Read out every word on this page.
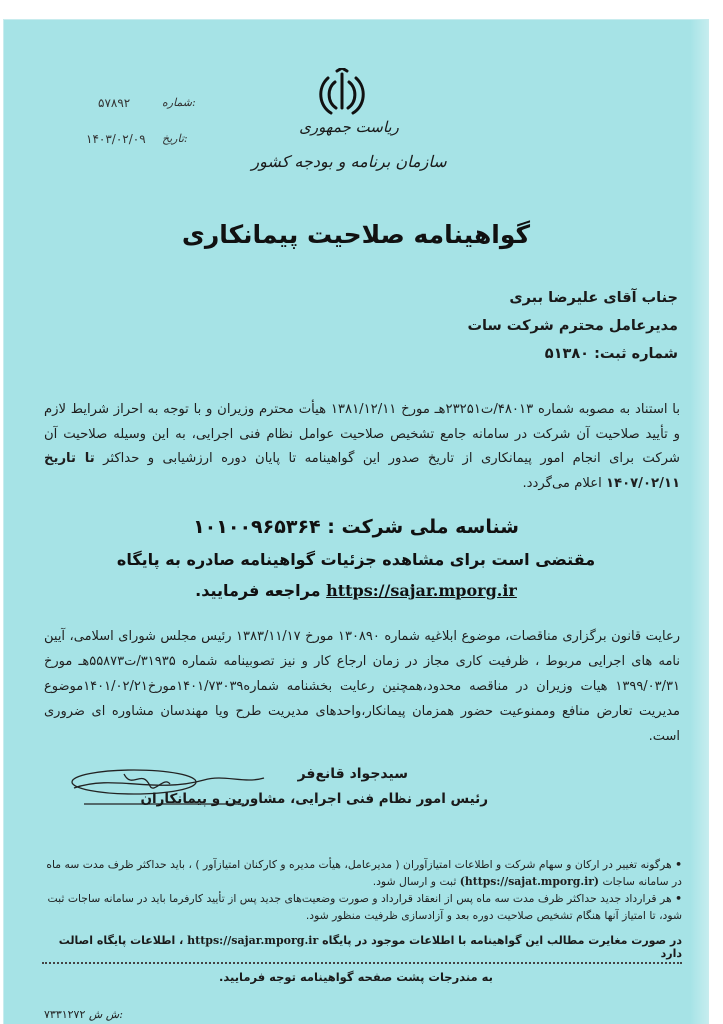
۵۷۸۹۲	شماره:
۱۴۰۳/۰۲/۰۹ تاریخ:
ریاست جمهوری
سازمان برنامه و بودجه کشور
گواهینامه صلاحیت پیمانکاری
جناب آقای علیرضا ببری
مدیرعامل محترم شرکت سات
شماره ثبت: ۵۱۳۸۰
با استناد به مصوبه شماره ۴۸۰۱۳/ت۲۳۲۵۱هـ مورخ ۱۳۸۱/۱۲/۱۱ هیأت محترم وزیران و با توجه به احراز شرایط لازم و تأیید صلاحیت آن شرکت در سامانه جامع تشخیص صلاحیت عوامل نظام فنی اجرایی، به این وسیله صلاحیت آن شرکت برای انجام امور پیمانکاری از تاریخ صدور این گواهینامه تا پایان دوره ارزشیابی و حداکثر تا تاریخ ۱۴۰۷/۰۲/۱۱ اعلام می‌گردد.
شناسه ملی شرکت : ۱۰۱۰۰۹۶۵۳۶۴
مقتضی است برای مشاهده جزئیات گواهینامه صادره به پایگاه
https://sajar.mporg.ir مراجعه فرمایید.
رعایت قانون برگزاری مناقصات، موضوع ابلاغیه شماره ۱۳۰۸۹۰ مورخ ۱۳۸۳/۱۱/۱۷ رئیس مجلس شورای اسلامی، آیین نامه های اجرایی مربوط ، ظرفیت کاری مجاز در زمان ارجاع کار و نیز تصوبینامه شماره ۳۱۹۳۵/ت۵۵۸۷۳هـ مورخ ۱۳۹۹/۰۳/۳۱ هیات وزیران در مناقصه محدود،همچنین رعایت بخشنامه شماره۱۴۰۱/۷۳۰۳۹مورخ۱۴۰۱/۰۲/۲۱موضوع مدیریت تعارض منافع وممنوعیت حضور همزمان پیمانکار،واحدهای مدیریت طرح ویا مهندسان مشاوره ای ضروری است.
سیدجواد قانع‌فر
رئیس امور نظام فنی اجرایی، مشاورین و پیمانکاران
• هرگونه تغییر در ارکان و سهام شرکت و اطلاعات امتیازآوران ( مدیرعامل، هیأت مدیره و کارکنان امتیازآور ) ، باید حداکثر ظرف مدت سه ماه در سامانه ساجات (https://sajat.mporg.ir) ثبت و ارسال شود.
• هر قرارداد جدید حداکثر ظرف مدت سه ماه پس از انعقاد قرارداد و صورت وضعیت‌های جدید پس از تأیید کارفرما باید در سامانه ساجات ثبت شود، تا امتیاز آنها هنگام تشخیص صلاحیت دوره بعد و آزادسازی ظرفیت منظور شود.
در صورت مغایرت مطالب این گواهینامه با اطلاعات موجود در پایگاه https://sajar.mporg.ir ، اطلاعات پایگاه اصالت دارد
به مندرجات پشت صفحه گواهینامه توجه فرمایید.
۷۳۳۱۲۷۲ ش ش:
